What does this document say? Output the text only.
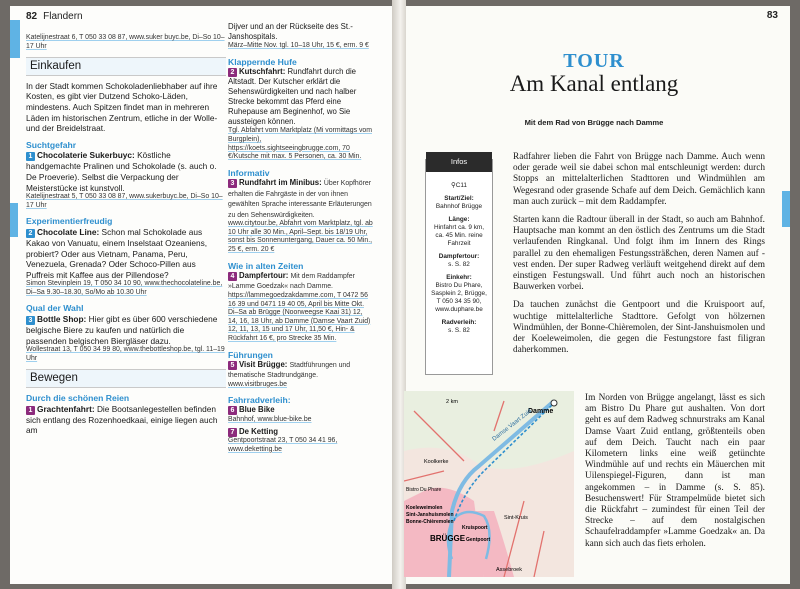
82 Flandern
Katelijnestraat 6, T 050 33 08 87, www.suker buyc.be, Di–So 10–17 Uhr
Einkaufen
In der Stadt kommen Schokoladenliebhaber auf ihre Kosten, es gibt vier Dutzend Schoko-Läden, mindestens. Auch Spitzen findet man in mehreren Läden im historischen Zentrum, etliche in der Wolle- und der Breidelstraat.
Suchtgefahr
1 Chocolaterie Sukerbuyc: Köstliche handgemachte Pralinen und Schokolade (s. auch o. De Proeverie). Selbst die Verpackung der Meisterstücke ist kunstvoll.
Katelijnestraat 5, T 050 33 08 87, www.sukerbuyc.be, Di–So 10–17 Uhr
Experimentierfreudig
2 Chocolate Line: Schon mal Schokolade aus Kakao von Vanuatu, einem Inselstaat Ozeaniens, probiert? Oder aus Vietnam, Panama, Peru, Venezuela, Grenada? Oder Schoco-Pillen aus Puffreis mit Kaffee aus der Pillendose?
Simon Stevinplein 19, T 050 34 10 90, www.thechocolateline.be, Di–Sa 9.30–18.30, So/Mo ab 10.30 Uhr
Qual der Wahl
3 Bottle Shop: Hier gibt es über 600 verschiedene belgische Biere zu kaufen und natürlich die passenden belgischen Biergläser dazu.
Wollestraat 13, T 050 34 99 80, www.thebottleshop.be, tgl. 11–19 Uhr
Bewegen
Durch die schönen Reien
1 Grachtenfahrt: Die Bootsanlegestellen befinden sich entlang des Rozenhoedkaai, einige liegen auch am
Dijver und an der Rückseite des St.-Janshospitals.
März–Mitte Nov. tgl. 10–18 Uhr, 15 €, erm. 9 €
Klappernde Hufe
2 Kutschfahrt: Rundfahrt durch die Altstadt. Der Kutscher erklärt die Sehenswürdigkeiten und nach halber Strecke bekommt das Pferd eine Ruhepause am Beginenhof, wo Sie aussteigen können.
Tgl. Abfahrt vom Marktplatz (Mi vormittags vom Burgplein), https://koets.sightseeingbrugge.com, 70 €/Kutsche mit max. 5 Personen, ca. 30 Min.
Informativ
3 Rundfahrt im Minibus: Über Kopfhörer erhalten die Fahrgäste in der von ihnen gewählten Sprache interessante Erläuterungen zu den Sehenswürdigkeiten.
www.citytour.be, Abfahrt vom Marktplatz, tgl. ab 10 Uhr alle 30 Min., April–Sept. bis 18/19 Uhr, sonst bis Sonnenuntergang, Dauer ca. 50 Min., 25 €, erm. 20 €
Wie in alten Zeiten
4 Dampfertour: Mit dem Raddampfer »Lamme Goedzak« nach Damme.
https://lammegoedzakdamme.com, T 0472 56 16 39 und 0471 19 40 05, April bis Mitte Okt. Di–Sa ab Brügge (Noorweegse Kaai 31) 12, 14, 16, 18 Uhr, ab Damme (Damse Vaart Zuid) 12, 11, 13, 15 und 17 Uhr, 11,50 €, Hin- & Rückfahrt 16 €, pro Strecke 35 Min.
Führungen
5 Visit Brügge: Stadtführungen und thematische Stadtrundgänge.
www.visitbruges.be
Fahrradverleih:
6 Blue Bike
Bahnhof, www.blue-bike.be
7 De Ketting
Gentpoortstraat 23, T 050 34 41 96, www.deketting.be
83
TOUR
Am Kanal entlang
Mit dem Rad von Brügge nach Damme
Infos
⚲C11
Start/Ziel:
Bahnhof Brügge
Länge:
Hinfahrt ca. 9 km, ca. 45 Min. reine Fahrzeit
Dampfertour:
s. S. 82
Einkehr:
Bistro Du Phare, Sasplein 2, Brügge, T 050 34 35 90, www.duphare.be
Radverleih:
s. S. 82

Radfahrer lieben die Fahrt von Brügge nach Damme. Auch wenn oder gerade weil sie dabei schon mal entschleunigt werden: durch Stopps an mittelalterlichen Stadttoren und Windmühlen am Wegesrand oder grasende Schafe auf dem Deich. Gemächlich kann man auch zurück – mit dem Raddampfer.

Starten kann die Radtour überall in der Stadt, so auch am Bahnhof. Hauptsache man kommt an den östlich des Zentrums um die Stadt verlaufenden Ringkanal. Und folgt ihm im Innern des Rings parallel zu den ehemaligen Festungssträßchen, deren Namen auf -vest enden. Der super Radweg verläuft weitgehend direkt auf dem einstigen Festungswall. Und führt auch noch an historischen Bauwerken vorbei.

Da tauchen zunächst die Gentpoort und die Kruispoort auf, wuchtige mittelalterliche Stadttore. Gefolgt von hölzernen Windmühlen, der Bonne-Chièremolen, der Sint-Janshuismolen und der Koeleweimolen, die gegen die Festungstore fast filigran daherkommen.

Im Norden von Brügge angelangt, lässt es sich am Bistro Du Phare gut aushalten. Von dort geht es auf dem Radweg schnurstraks am Kanal Damse Vaart Zuid entlang, größtenteils oben auf dem Deich. Taucht nach ein paar Kilometern links eine weiß getünchte Windmühle auf und rechts ein Mäuerchen mit Uilenspiegel-Figuren, dann ist man angekommen – in Damme (s. S. 85). Besuchenswert! Für Strampelmüde bietet sich die Rückfahrt – zumindest für einen Teil der Strecke – auf dem nostalgischen Schaufelraddampfer »Lamme Goedzak« an. Da kann sich auch das fiets erholen.

Damme
Damse Vaart Zuid
2 km
Koolkerke
Bistro Du Phare
Koeleweimolen
Sint-Janshuismolen
Bonne-Chièremolen
Kruispoort
Sint-Kruis
Gentpoort
BRÜGGE
Assebroek
